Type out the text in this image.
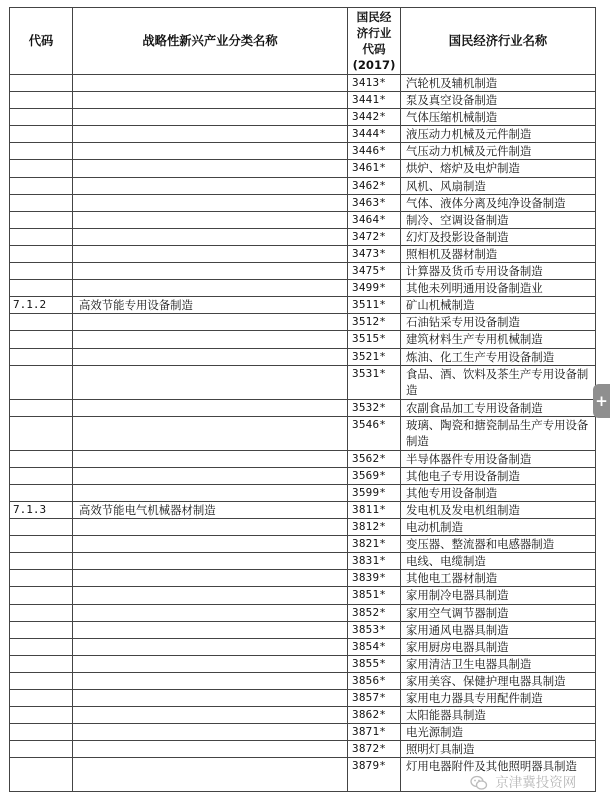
代码	战略性新兴产业分类名称	国民经济行业代码(2017)	国民经济行业名称
		3413*	汽轮机及辅机制造
		3441*	泵及真空设备制造
		3442*	气体压缩机械制造
		3444*	液压动力机械及元件制造
		3446*	气压动力机械及元件制造
		3461*	烘炉、熔炉及电炉制造
		3462*	风机、风扇制造
		3463*	气体、液体分离及纯净设备制造
		3464*	制冷、空调设备制造
		3472*	幻灯及投影设备制造
		3473*	照相机及器材制造
		3475*	计算器及货币专用设备制造
		3499*	其他未列明通用设备制造业
7.1.2	高效节能专用设备制造	3511*	矿山机械制造
		3512*	石油钻采专用设备制造
		3515*	建筑材料生产专用机械制造
		3521*	炼油、化工生产专用设备制造
		3531*	食品、酒、饮料及茶生产专用设备制造
		3532*	农副食品加工专用设备制造
		3546*	玻璃、陶瓷和搪瓷制品生产专用设备制造
		3562*	半导体器件专用设备制造
		3569*	其他电子专用设备制造
		3599*	其他专用设备制造
7.1.3	高效节能电气机械器材制造	3811*	发电机及发电机组制造
		3812*	电动机制造
		3821*	变压器、整流器和电感器制造
		3831*	电线、电缆制造
		3839*	其他电工器材制造
		3851*	家用制冷电器具制造
		3852*	家用空气调节器制造
		3853*	家用通风电器具制造
		3854*	家用厨房电器具制造
		3855*	家用清洁卫生电器具制造
		3856*	家用美容、保健护理电器具制造
		3857*	家用电力器具专用配件制造
		3862*	太阳能器具制造
		3871*	电光源制造
		3872*	照明灯具制造
		3879*	灯用电器附件及其他照明器具制造
+
京津冀投资网
